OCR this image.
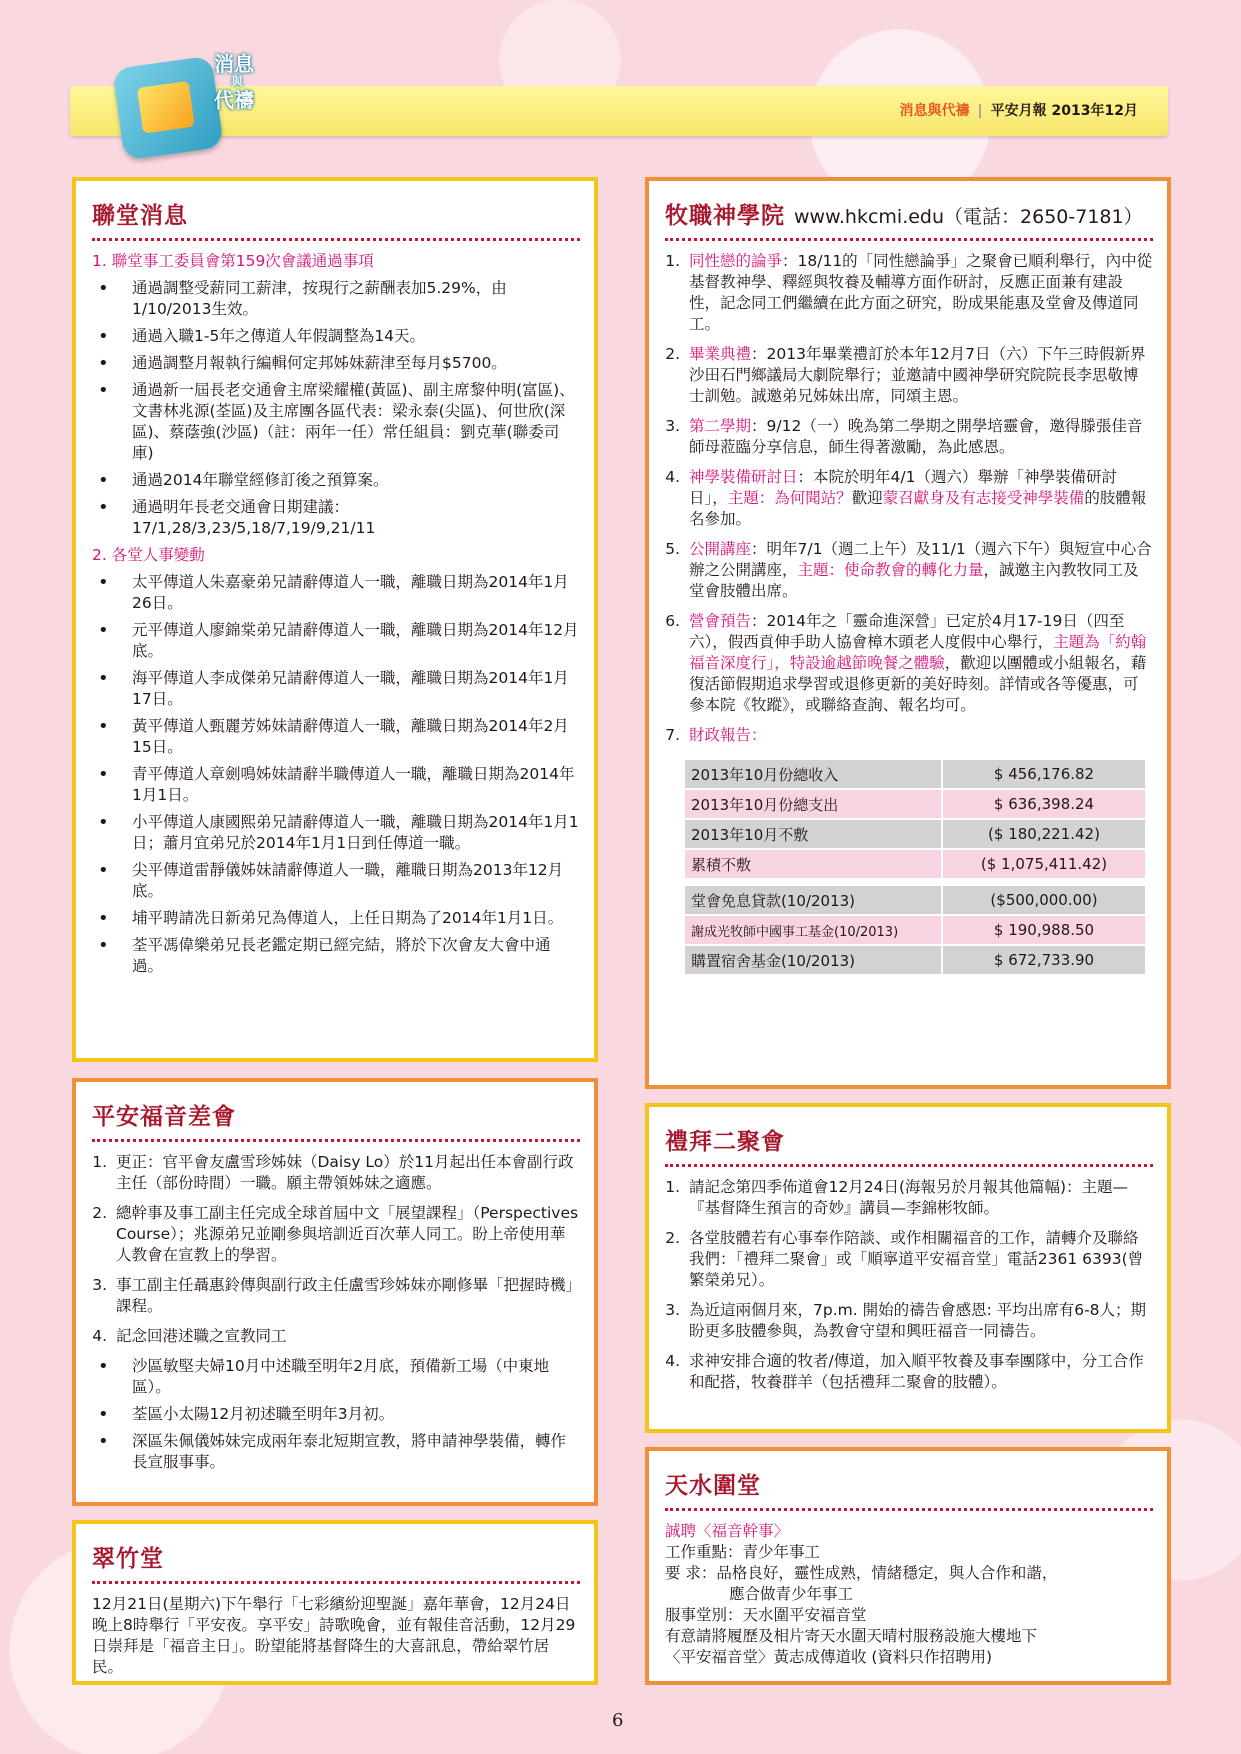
消息與代禱 | 平安月報 2013年12月
消息
與
代禱
聯堂消息
1. 聯堂事工委員會第159次會議通過事項
• 通過調整受薪同工薪津，按現行之薪酬表加5.29%，由1/10/2013生效。
• 通過入職1-5年之傳道人年假調整為14天。
• 通過調整月報執行編輯何定邦姊妹薪津至每月$5700。
• 通過新一屆長老交通會主席梁耀權(黃區)、副主席黎仲明(富區)、文書林兆源(荃區)及主席團各區代表：梁永泰(尖區)、何世欣(深區)、蔡蔭強(沙區)（註：兩年一任）常任組員：劉克華(聯委司庫)
• 通過2014年聯堂經修訂後之預算案。
• 通過明年長老交通會日期建議：17/1,28/3,23/5,18/7,19/9,21/11
2. 各堂人事變動
• 太平傳道人朱嘉豪弟兄請辭傳道人一職，離職日期為2014年1月26日。
• 元平傳道人廖錦棠弟兄請辭傳道人一職，離職日期為2014年12月底。
• 海平傳道人李成傑弟兄請辭傳道人一職，離職日期為2014年1月17日。
• 黃平傳道人甄麗芳姊妹請辭傳道人一職，離職日期為2014年2月15日。
• 青平傳道人章劍鳴姊妹請辭半職傳道人一職，離職日期為2014年1月1日。
• 小平傳道人康國熙弟兄請辭傳道人一職，離職日期為2014年1月1日；蕭月宜弟兄於2014年1月1日到任傳道一職。
• 尖平傳道雷靜儀姊妹請辭傳道人一職，離職日期為2013年12月底。
• 埔平聘請冼日新弟兄為傳道人，上任日期為了2014年1月1日。
• 荃平馮偉樂弟兄長老鑑定期已經完結，將於下次會友大會中通過。
平安福音差會
1. 更正：官平會友盧雪珍姊妹（Daisy Lo）於11月起出任本會副行政主任（部份時間）一職。願主帶領姊妹之適應。
2. 總幹事及事工副主任完成全球首屆中文「展望課程」（Perspectives Course）；兆源弟兄並剛參與培訓近百次華人同工。盼上帝使用華人教會在宣教上的學習。
3. 事工副主任聶惠鈴傳與副行政主任盧雪珍姊妹亦剛修畢「把握時機」課程。
4. 記念回港述職之宣教同工
• 沙區敏堅夫婦10月中述職至明年2月底，預備新工場（中東地區）。
• 荃區小太陽12月初述職至明年3月初。
• 深區朱佩儀姊妹完成兩年泰北短期宣教，將申請神學裝備，轉作長宣服事事。
翠竹堂
12月21日(星期六)下午舉行「七彩繽紛迎聖誕」嘉年華會，12月24日晚上8時舉行「平安夜。享平安」詩歌晚會，並有報佳音活動，12月29日崇拜是「福音主日」。盼望能將基督降生的大喜訊息，帶給翠竹居民。
牧職神學院 www.hkcmi.edu（電話：2650-7181）
1. 同性戀的論爭：18/11的「同性戀論爭」之聚會已順利舉行，內中從基督教神學、釋經與牧養及輔導方面作研討，反應正面兼有建設性，記念同工們繼續在此方面之研究，盼成果能惠及堂會及傳道同工。
2. 畢業典禮：2013年畢業禮訂於本年12月7日（六）下午三時假新界沙田石門鄉議局大劇院舉行；並邀請中國神學研究院院長李思敬博士訓勉。誠邀弟兄姊妹出席，同頌主恩。
3. 第二學期：9/12（一）晚為第二學期之開學培靈會，邀得滕張佳音師母蒞臨分享信息，師生得著激勵，為此感恩。
4. 神學裝備研討日：本院於明年4/1（週六）舉辦「神學裝備研討日」，主題：為何聞站？歡迎蒙召獻身及有志接受神學裝備的肢體報名參加。
5. 公開講座：明年7/1（週二上午）及11/1（週六下午）與短宣中心合辦之公開講座，主題：使命教會的轉化力量，誠邀主內教牧同工及堂會肢體出席。
6. 營會預告：2014年之「靈命進深營」已定於4月17-19日（四至六），假西貢伸手助人協會樟木頭老人度假中心舉行，主題為「約翰福音深度行」，特設逾越節晚餐之體驗，歡迎以團體或小組報名，藉復活節假期追求學習或退修更新的美好時刻。詳情或各等優惠，可參本院《牧蹤》，或聯絡查詢、報名均可。
7. 財政報告：
2013年10月份總收入	$ 456,176.82
2013年10月份總支出	$ 636,398.24
2013年10月不敷	($ 180,221.42)
累積不敷	($ 1,075,411.42)

堂會免息貸款(10/2013)	($500,000.00)
謝成光牧師中國事工基金(10/2013)	$ 190,988.50
購置宿舍基金(10/2013)	$ 672,733.90
禮拜二聚會
1. 請記念第四季佈道會12月24日(海報另於月報其他篇幅)：主題—『基督降生預言的奇妙』講員—李錦彬牧師。
2. 各堂肢體若有心事奉作陪談、或作相關福音的工作，請轉介及聯絡我們：「禮拜二聚會」或「順寧道平安福音堂」電話2361 6393(曾繁榮弟兄）。
3. 為近這兩個月來，7p.m. 開始的禱告會感恩: 平均出席有6-8人；期盼更多肢體參與，為教會守望和興旺福音一同禱告。
4. 求神安排合適的牧者/傳道，加入順平牧養及事奉團隊中，分工合作和配搭，牧養群羊（包括禮拜二聚會的肢體）。
天水圍堂
誠聘〈福音幹事〉
工作重點：青少年事工
要 求：品格良好，靈性成熟，情緒穩定，與人合作和諧，
應合做青少年事工
服事堂別：天水圍平安福音堂
有意請將履歷及相片寄天水圍天晴村服務設施大樓地下
〈平安福音堂〉黃志成傳道收 (資料只作招聘用)
6
